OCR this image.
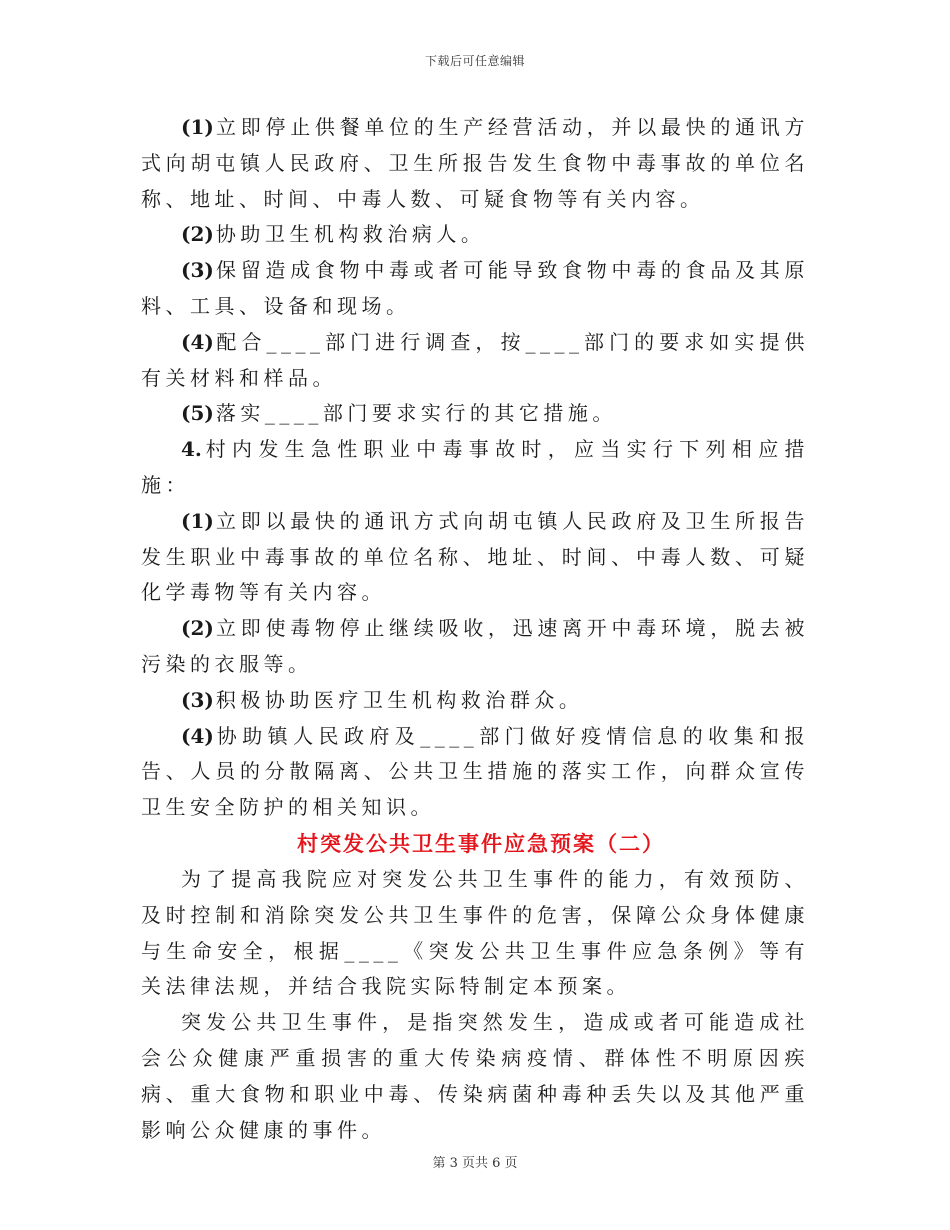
下载后可任意编辑

(1) 立即停止供餐单位的生产经营活动，并以最快的通讯方式向胡屯镇人民政府、卫生所报告发生食物中毒事故的单位名称、地址、时间、中毒人数、可疑食物等有关内容。

(2) 协助卫生机构救治病人。

(3) 保留造成食物中毒或者可能导致食物中毒的食品及其原料、工具、设备和现场。

(4) 配合____部门进行调查，按____部门的要求如实提供有关材料和样品。

(5) 落实____部门要求实行的其它措施。

4. 村内发生急性职业中毒事故时，应当实行下列相应措施：

(1) 立即以最快的通讯方式向胡屯镇人民政府及卫生所报告发生职业中毒事故的单位名称、地址、时间、中毒人数、可疑化学毒物等有关内容。

(2) 立即使毒物停止继续吸收，迅速离开中毒环境，脱去被污染的衣服等。

(3) 积极协助医疗卫生机构救治群众。

(4) 协助镇人民政府及____部门做好疫情信息的收集和报告、人员的分散隔离、公共卫生措施的落实工作，向群众宣传卫生安全防护的相关知识。

村突发公共卫生事件应急预案（二）

为了提高我院应对突发公共卫生事件的能力，有效预防、及时控制和消除突发公共卫生事件的危害，保障公众身体健康与生命安全，根据____《突发公共卫生事件应急条例》等有关法律法规，并结合我院实际特制定本预案。

突发公共卫生事件，是指突然发生，造成或者可能造成社会公众健康严重损害的重大传染病疫情、群体性不明原因疾病、重大食物和职业中毒、传染病菌种毒种丢失以及其他严重影响公众健康的事件。

第 3 页共 6 页
